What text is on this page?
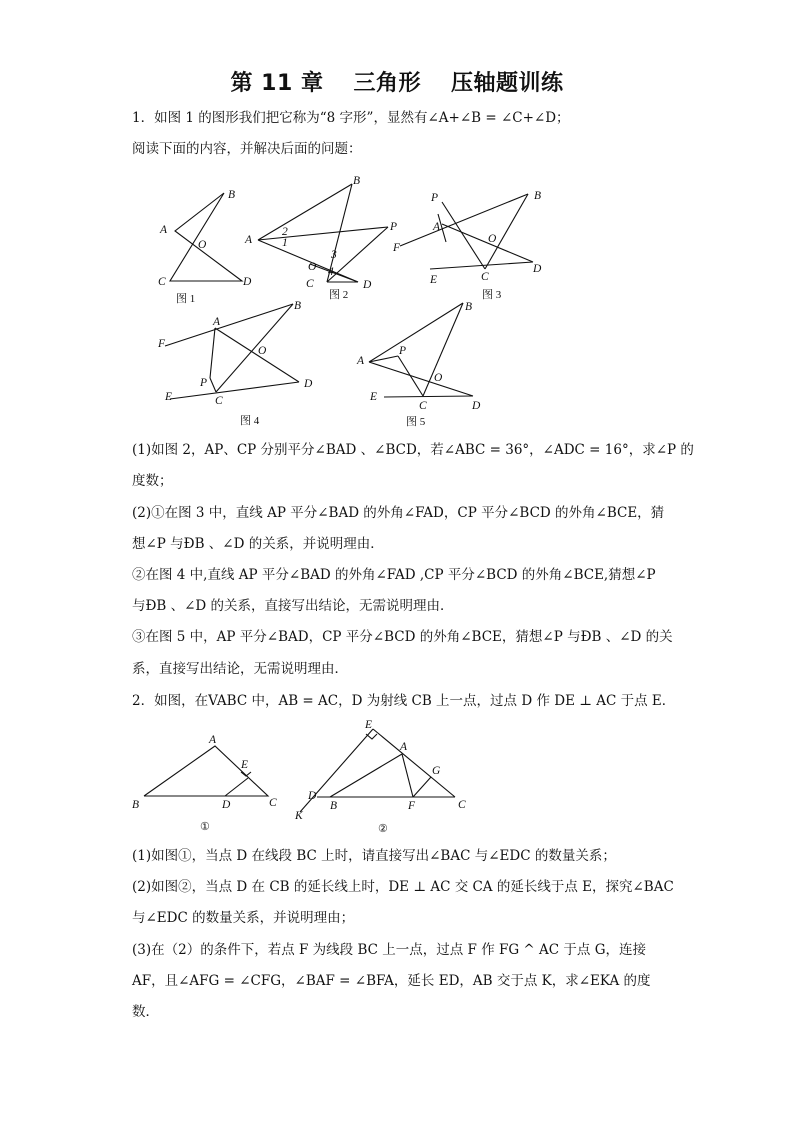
第 11 章 三角形 压轴题训练
1．如图 1 的图形我们把它称为“8 字形”，显然有∠A+∠B = ∠C+∠D；
阅读下面的内容，并解决后面的问题：
B
A
O
C	D
图 1
B
A
P
2
1
3
O 4
C	D
图 2
P	B
A
O
F
E	C
D
图 3
A
B
F
O
P	D
E	C
图 4
B
P
A
O
E
C	D
图 5
(1)如图 2，AP、CP 分别平分∠BAD 、∠BCD，若∠ABC = 36°，∠ADC = 16°，求∠P 的
度数；
(2)①在图 3 中，直线 AP 平分∠BAD 的外角∠FAD，CP 平分∠BCD 的外角∠BCE，猜
想∠P 与ÐB 、∠D 的关系，并说明理由．
②在图 4 中,直线 AP 平分∠BAD 的外角∠FAD ,CP 平分∠BCD 的外角∠BCE,猜想∠P
与ÐB 、∠D 的关系，直接写出结论，无需说明理由．
③在图 5 中，AP 平分∠BAD，CP 平分∠BCD 的外角∠BCE，猜想∠P 与ÐB 、∠D 的关
系，直接写出结论，无需说明理由．
2．如图，在VABC 中，AB = AC，D 为射线 CB 上一点，过点 D 作 DE ⊥ AC 于点 E．
A
E
B	D	C
①
E
A
G
D
B	F	C
K
②
(1)如图①，当点 D 在线段 BC 上时，请直接写出∠BAC 与∠EDC 的数量关系；
(2)如图②，当点 D 在 CB 的延长线上时，DE ⊥ AC 交 CA 的延长线于点 E，探究∠BAC
与∠EDC 的数量关系，并说明理由；
(3)在（2）的条件下，若点 F 为线段 BC 上一点，过点 F 作 FG ^ AC 于点 G，连接
AF，且∠AFG = ∠CFG，∠BAF = ∠BFA，延长 ED，AB 交于点 K，求∠EKA 的度
数．
